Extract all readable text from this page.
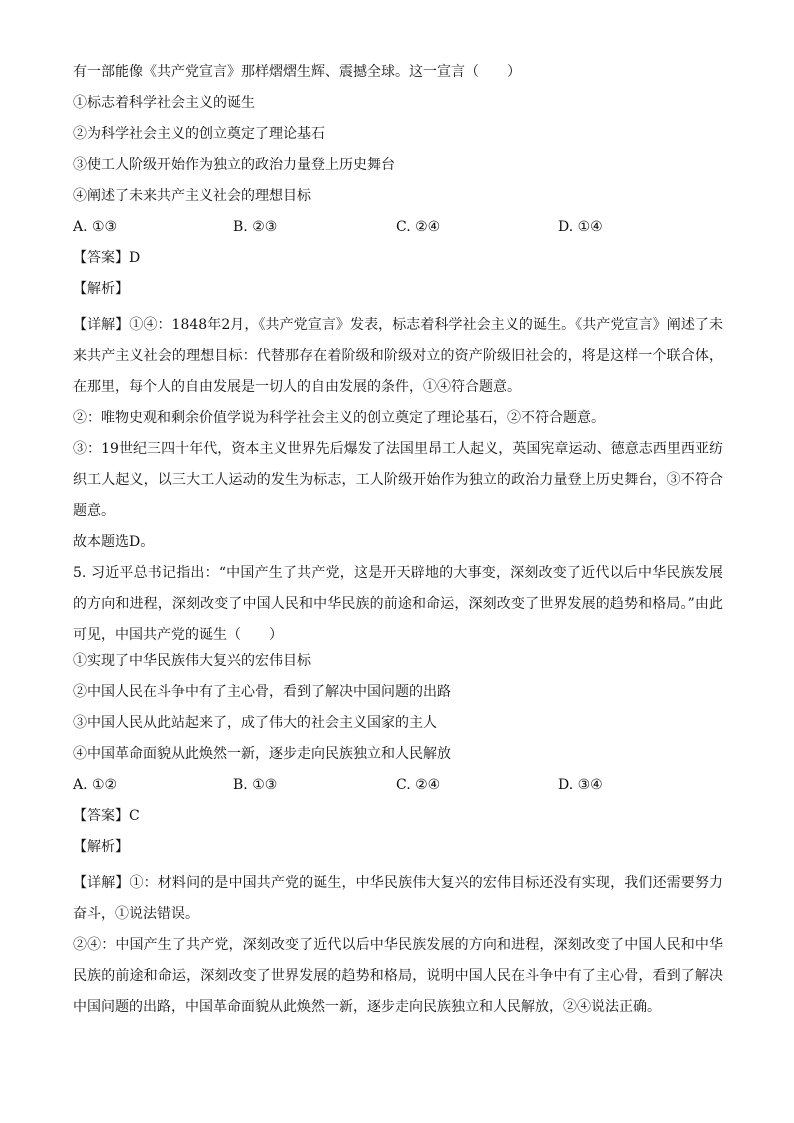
有一部能像《共产党宣言》那样熠熠生辉、震撼全球。这一宣言（　　）
①标志着科学社会主义的诞生
②为科学社会主义的创立奠定了理论基石
③使工人阶级开始作为独立的政治力量登上历史舞台
④阐述了未来共产主义社会的理想目标
A. ①③	B. ②③	C. ②④	D. ①④
【答案】D
【解析】
【详解】①④：1848年2月，《共产党宣言》发表，标志着科学社会主义的诞生。《共产党宣言》阐述了未来共产主义社会的理想目标：代替那存在着阶级和阶级对立的资产阶级旧社会的，将是这样一个联合体，在那里，每个人的自由发展是一切人的自由发展的条件，①④符合题意。
②：唯物史观和剩余价值学说为科学社会主义的创立奠定了理论基石，②不符合题意。
③：19世纪三四十年代，资本主义世界先后爆发了法国里昂工人起义，英国宪章运动、德意志西里西亚纺织工人起义，以三大工人运动的发生为标志，工人阶级开始作为独立的政治力量登上历史舞台，③不符合题意。
故本题选D。
5. 习近平总书记指出：“中国产生了共产党，这是开天辟地的大事变，深刻改变了近代以后中华民族发展的方向和进程，深刻改变了中国人民和中华民族的前途和命运，深刻改变了世界发展的趋势和格局。”由此可见，中国共产党的诞生（　　）
①实现了中华民族伟大复兴的宏伟目标
②中国人民在斗争中有了主心骨，看到了解决中国问题的出路
③中国人民从此站起来了，成了伟大的社会主义国家的主人
④中国革命面貌从此焕然一新，逐步走向民族独立和人民解放
A. ①②	B. ①③	C. ②④	D. ③④
【答案】C
【解析】
【详解】①：材料问的是中国共产党的诞生，中华民族伟大复兴的宏伟目标还没有实现，我们还需要努力奋斗，①说法错误。
②④：中国产生了共产党，深刻改变了近代以后中华民族发展的方向和进程，深刻改变了中国人民和中华民族的前途和命运，深刻改变了世界发展的趋势和格局，说明中国人民在斗争中有了主心骨，看到了解决中国问题的出路，中国革命面貌从此焕然一新，逐步走向民族独立和人民解放，②④说法正确。
